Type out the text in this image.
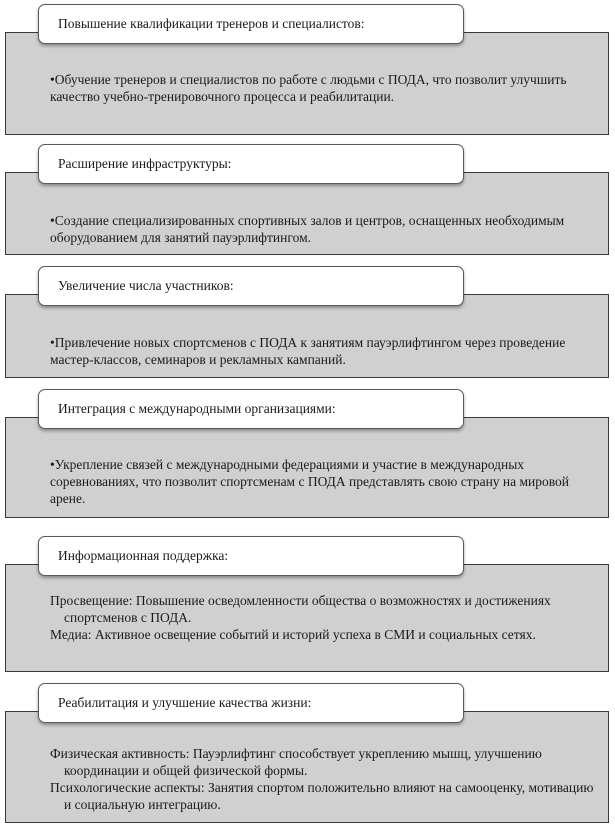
Повышение квалификации тренеров и специалистов:

•Обучение тренеров и специалистов по работе с людьми с ПОДА, что позволит улучшить качество учебно-тренировочного процесса и реабилитации.

Расширение инфраструктуры:

•Создание специализированных спортивных залов и центров, оснащенных необходимым оборудованием для занятий пауэрлифтингом.

Увеличение числа участников:

•Привлечение новых спортсменов с ПОДА к занятиям пауэрлифтингом через проведение мастер-классов, семинаров и рекламных кампаний.

Интеграция с международными организациями:

•Укрепление связей с международными федерациями и участие в международных соревнованиях, что позволит спортсменам с ПОДА представлять свою страну на мировой арене.

Информационная поддержка:

Просвещение: Повышение осведомленности общества о возможностях и достижениях спортсменов с ПОДА.

Медиа: Активное освещение событий и историй успеха в СМИ и социальных сетях.

Реабилитация и улучшение качества жизни:

Физическая активность: Пауэрлифтинг способствует укреплению мышц, улучшению координации и общей физической формы.

Психологические аспекты: Занятия спортом положительно влияют на самооценку, мотивацию и социальную интеграцию.
